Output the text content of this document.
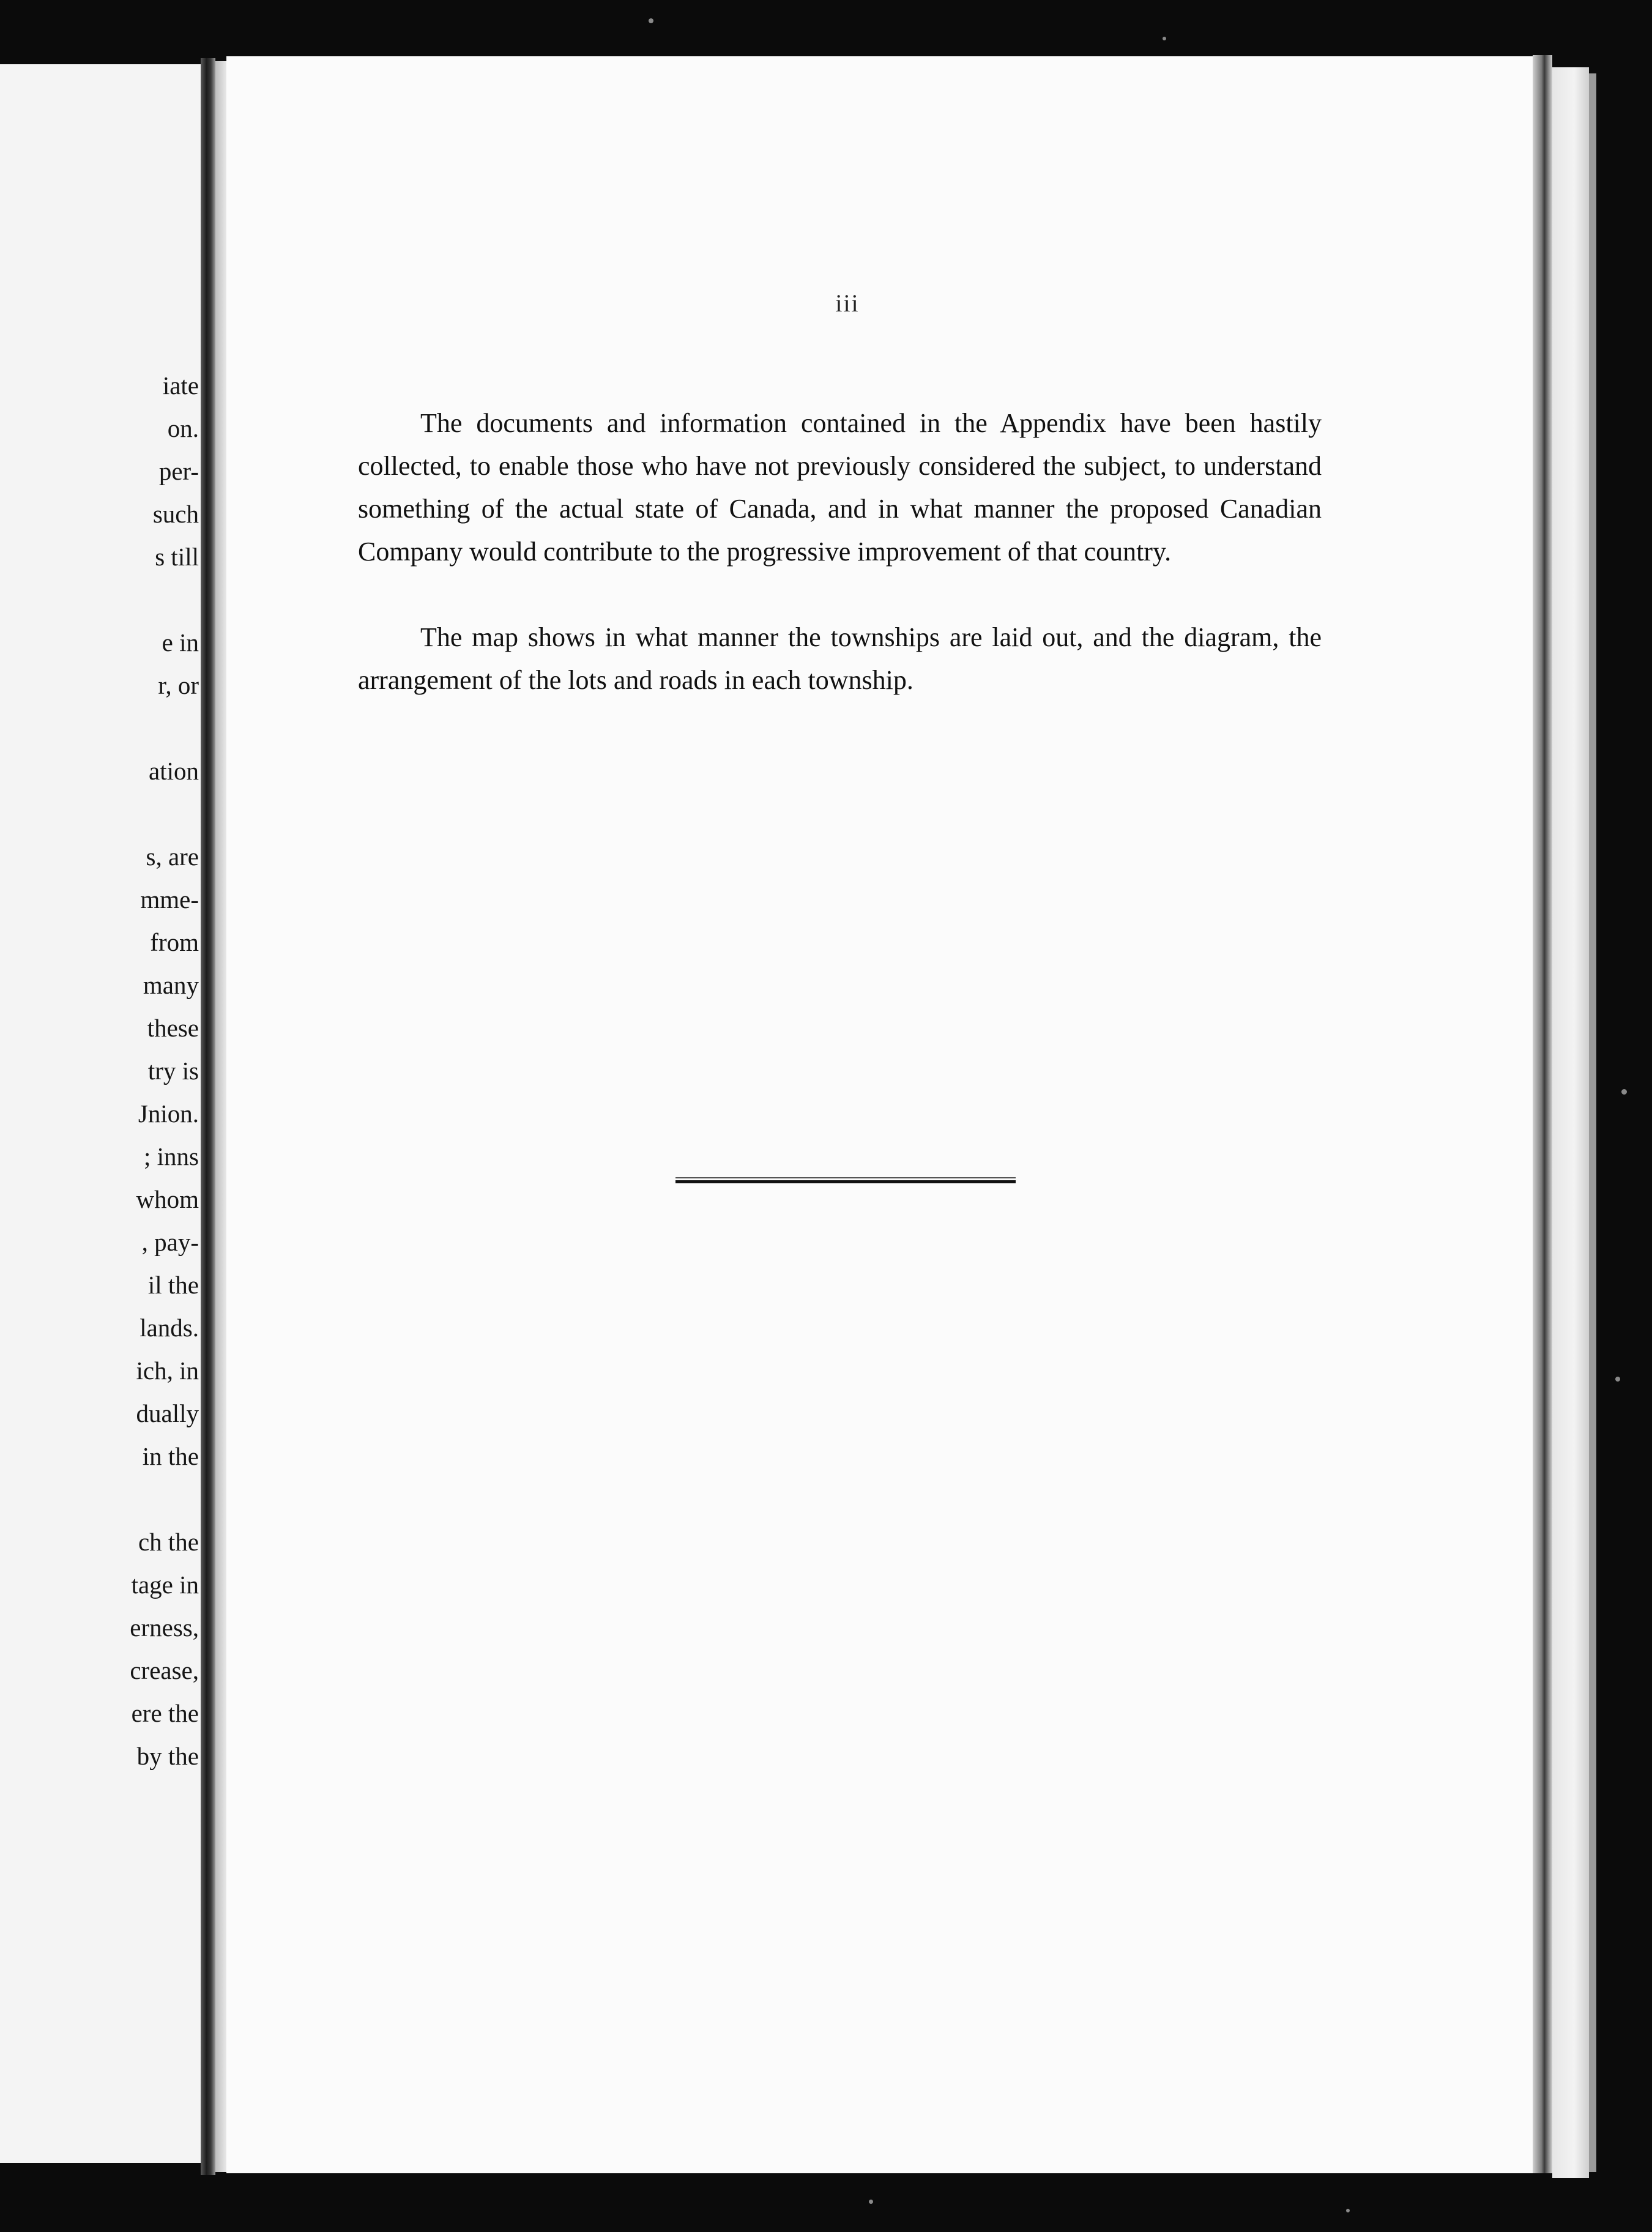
iate
on.
per-
such
s till
e in
r, or
ation
s, are
mme-
from
many
these
try is
Jnion.
; inns
whom
, pay-
il the
lands.
ich, in
dually
in the
ch the
tage in
erness,
crease,
ere the
by the
iii

The documents and information contained in the Appendix have been hastily collected, to enable those who have not previously considered the subject, to understand something of the actual state of Canada, and in what manner the proposed Canadian Company would contribute to the progressive improvement of that country.

The map shows in what manner the townships are laid out, and the diagram, the arrangement of the lots and roads in each township.
